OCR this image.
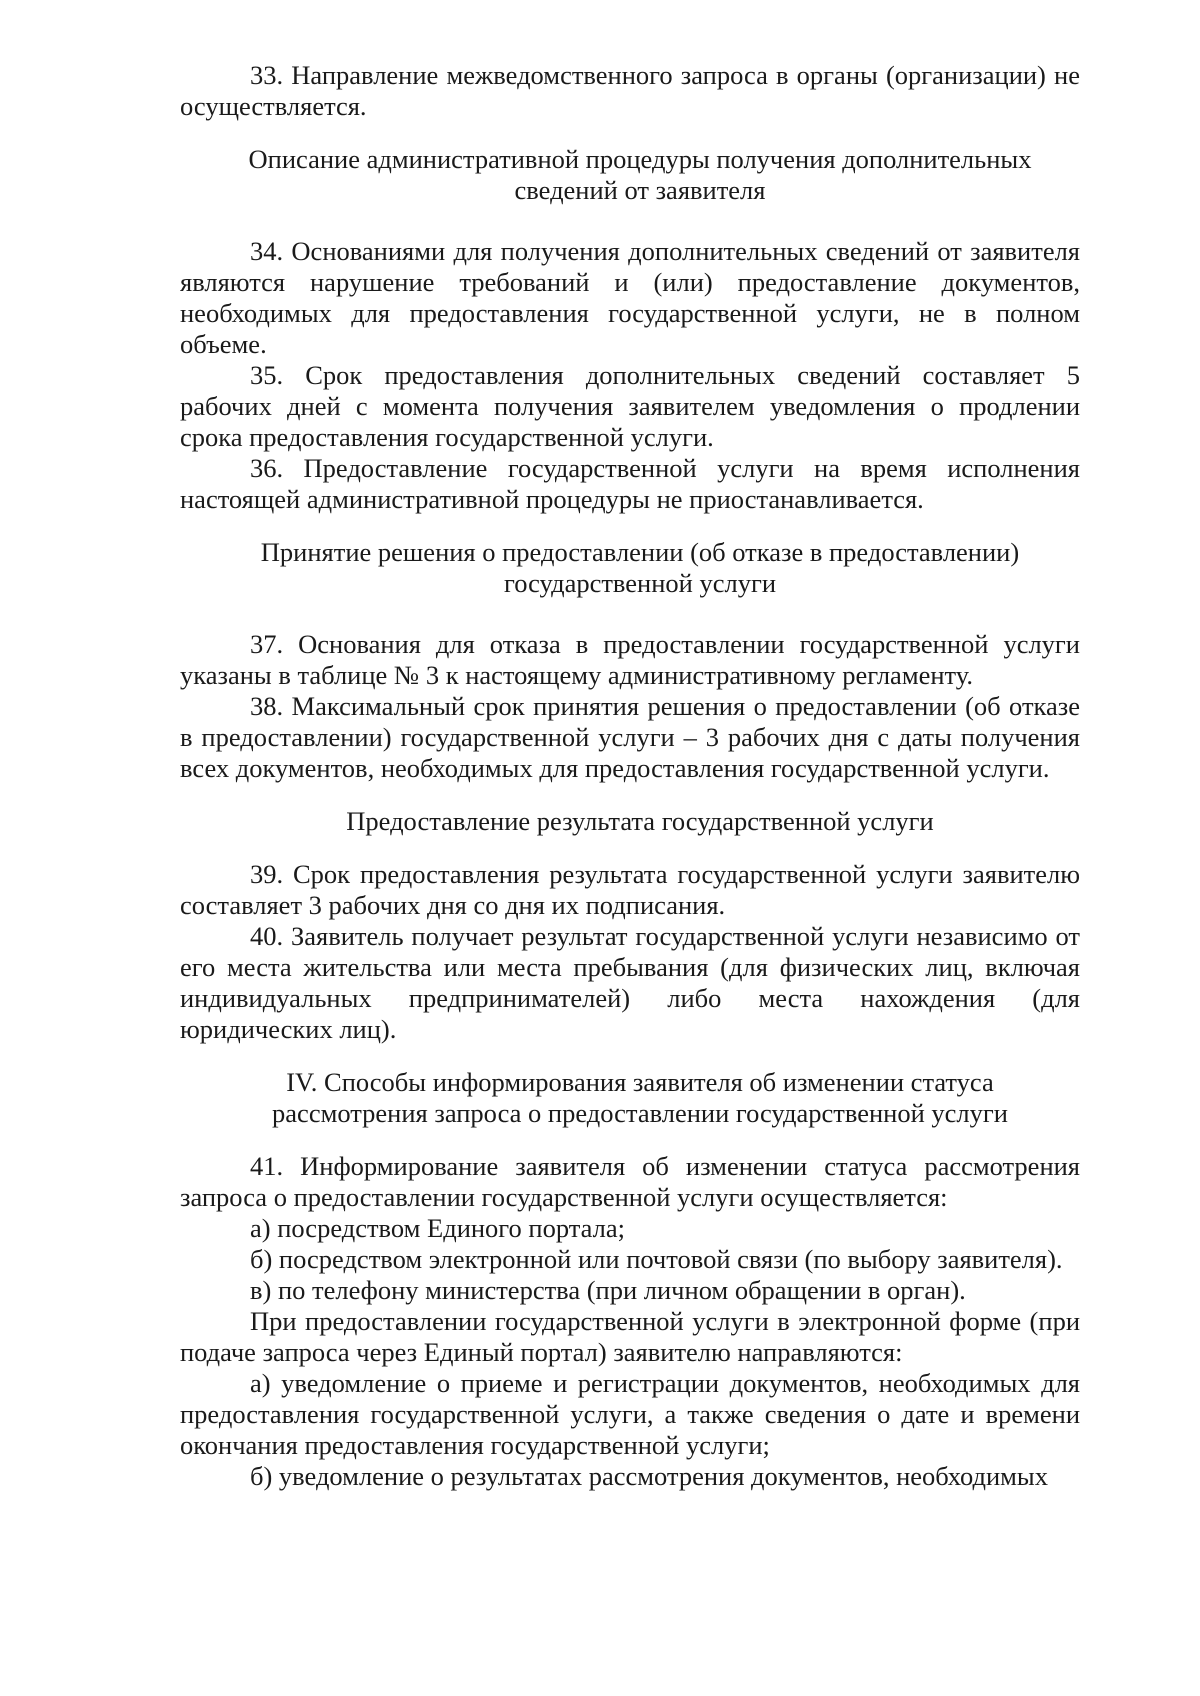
33. Направление межведомственного запроса в органы (организации) не осуществляется.

Описание административной процедуры получения дополнительных сведений от заявителя

34. Основаниями для получения дополнительных сведений от заявителя являются нарушение требований и (или) предоставление документов, необходимых для предоставления государственной услуги, не в полном объеме.

35. Срок предоставления дополнительных сведений составляет 5 рабочих дней с момента получения заявителем уведомления о продлении срока предоставления государственной услуги.

36. Предоставление государственной услуги на время исполнения настоящей административной процедуры не приостанавливается.

Принятие решения о предоставлении (об отказе в предоставлении) государственной услуги

37. Основания для отказа в предоставлении государственной услуги указаны в таблице № 3 к настоящему административному регламенту.

38. Максимальный срок принятия решения о предоставлении (об отказе в предоставлении) государственной услуги – 3 рабочих дня с даты получения всех документов, необходимых для предоставления государственной услуги.

Предоставление результата государственной услуги

39. Срок предоставления результата государственной услуги заявителю составляет 3 рабочих дня со дня их подписания.

40. Заявитель получает результат государственной услуги независимо от его места жительства или места пребывания (для физических лиц, включая индивидуальных предпринимателей) либо места нахождения (для юридических лиц).

IV. Способы информирования заявителя об изменении статуса рассмотрения запроса о предоставлении государственной услуги

41. Информирование заявителя об изменении статуса рассмотрения запроса о предоставлении государственной услуги осуществляется:

а) посредством Единого портала;

б) посредством электронной или почтовой связи (по выбору заявителя).

в) по телефону министерства (при личном обращении в орган).

При предоставлении государственной услуги в электронной форме (при подаче запроса через Единый портал) заявителю направляются:

а) уведомление о приеме и регистрации документов, необходимых для предоставления государственной услуги, а также сведения о дате и времени окончания предоставления государственной услуги;

б) уведомление о результатах рассмотрения документов, необходимых
